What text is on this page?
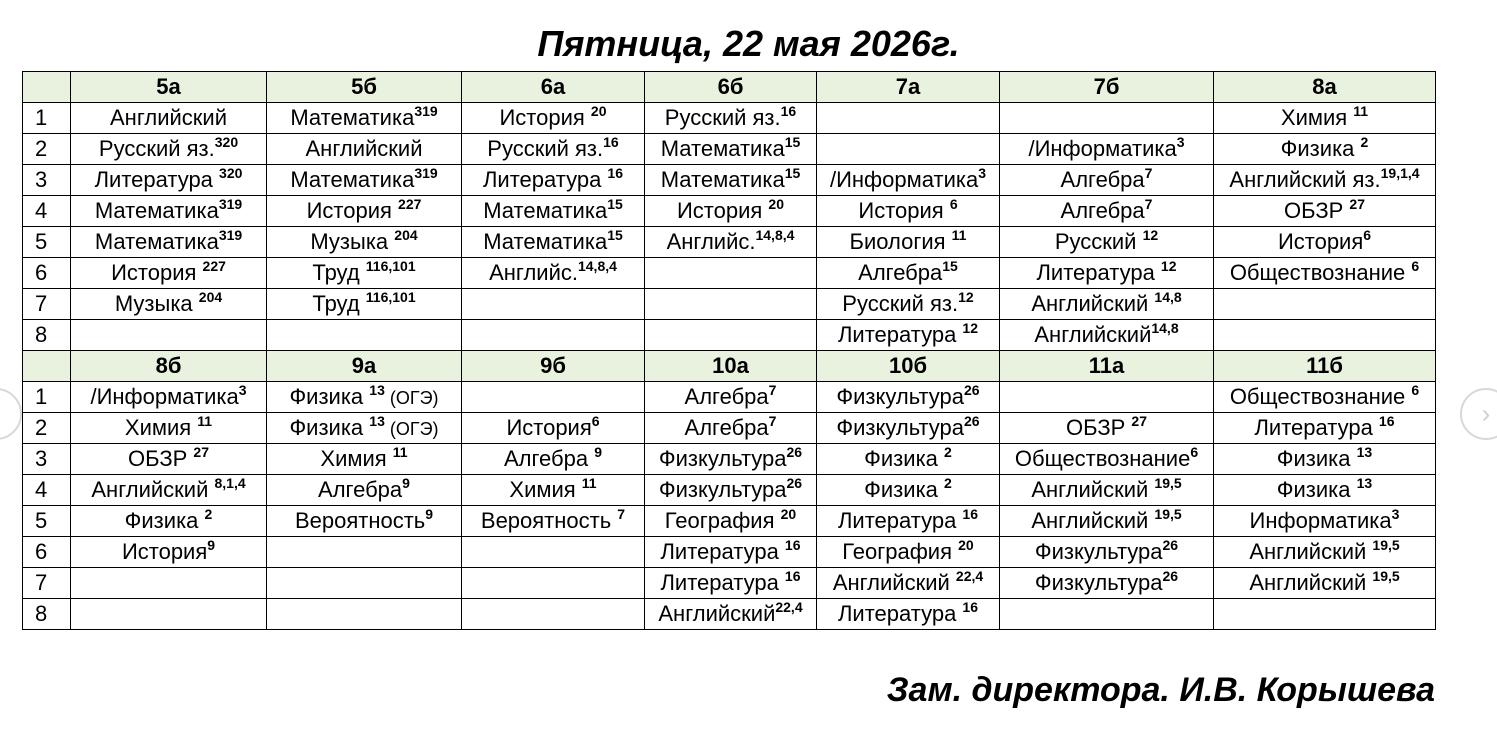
Пятница, 22 мая 2026г.
	5а	5б	6а	6б	7а	7б	8а
1	Английский	Математика$^{319}$	История $^{20}$	Русский яз.$^{16}$			Химия $^{11}$
2	Русский яз.$^{320}$	Английский	Русский яз.$^{16}$	Математика$^{15}$		/Информатика$^3$	Физика $^2$
3	Литература $^{320}$	Математика$^{319}$	Литература $^{16}$	Математика$^{15}$	/Информатика$^3$	Алгебра$^7$	Английский яз.$^{19,1,4}$
4	Математика$^{319}$	История $^{227}$	Математика$^{15}$	История $^{20}$	История $^6$	Алгебра$^7$	ОБЗР $^{27}$
5	Математика$^{319}$	Музыка $^{204}$	Математика$^{15}$	Английс.$^{14,8,4}$	Биология $^{11}$	Русский $^{12}$	История$^6$
6	История $^{227}$	Труд $^{116,101}$	Английс.$^{14,8,4}$		Алгебра$^{15}$	Литература $^{12}$	Обществознание $^6$
7	Музыка $^{204}$	Труд $^{116,101}$			Русский яз.$^{12}$	Английский $^{14,8}$	
8					Литература $^{12}$	Английский$^{14,8}$	
	8б	9а	9б	10а	10б	11а	11б
1	/Информатика$^3$	Физика $^{13}$ (ОГЭ)		Алгебра$^7$	Физкультура$^{26}$		Обществознание $^6$
2	Химия $^{11}$	Физика $^{13}$ (ОГЭ)	История$^6$	Алгебра$^7$	Физкультура$^{26}$	ОБЗР $^{27}$	Литература $^{16}$
3	ОБЗР $^{27}$	Химия $^{11}$	Алгебра $^9$	Физкультура$^{26}$	Физика $^2$	Обществознание$^6$	Физика $^{13}$
4	Английский $^{8,1,4}$	Алгебра$^9$	Химия $^{11}$	Физкультура$^{26}$	Физика $^2$	Английский $^{19,5}$	Физика $^{13}$
5	Физика $^2$	Вероятность$^9$	Вероятность $^7$	География $^{20}$	Литература $^{16}$	Английский $^{19,5}$	Информатика$^3$
6	История$^9$			Литература $^{16}$	География $^{20}$	Физкультура$^{26}$	Английский $^{19,5}$
7				Литература $^{16}$	Английский $^{22,4}$	Физкультура$^{26}$	Английский $^{19,5}$
8				Английский$^{22,4}$	Литература $^{16}$		

Зам. директора. И.В. Корышева

›
